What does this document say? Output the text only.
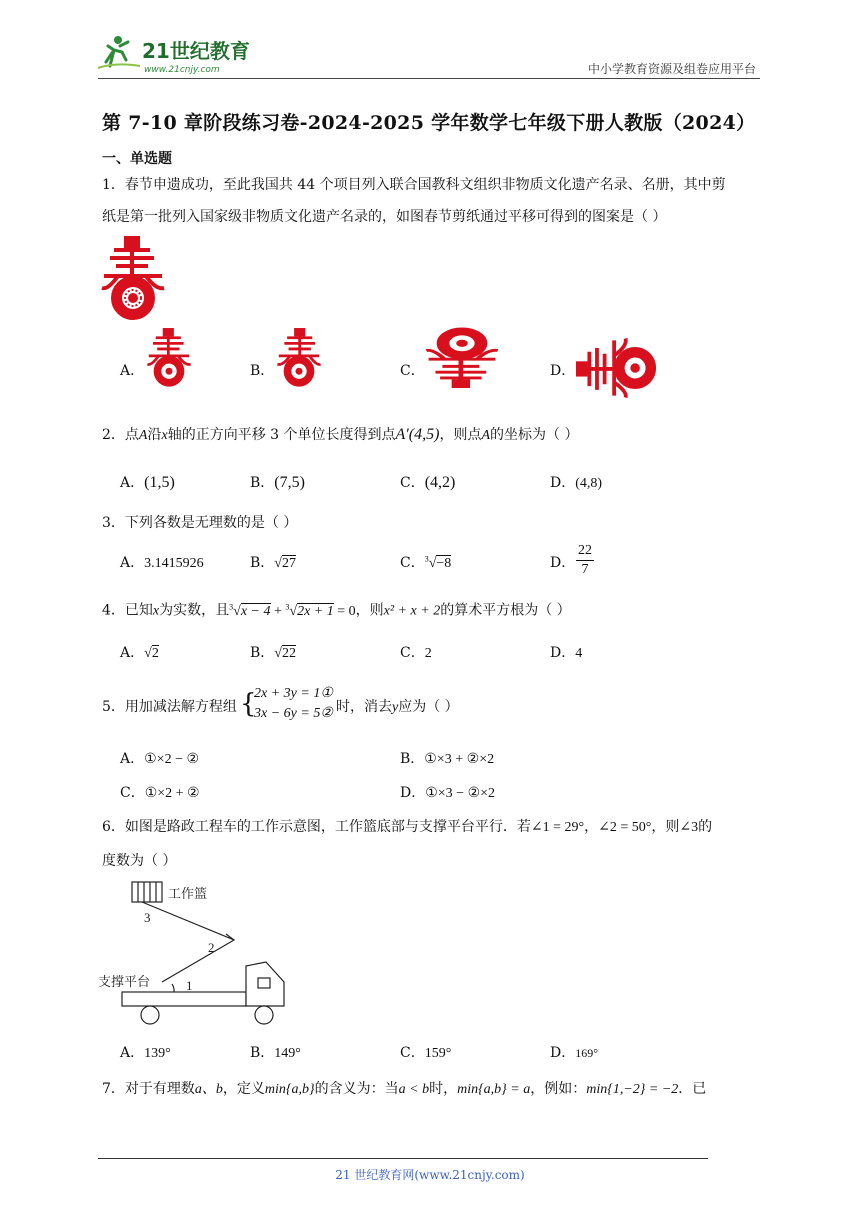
21世纪教育
www.21cnjy.com	中小学教育资源及组卷应用平台
第 7-10 章阶段练习卷-2024-2025 学年数学七年级下册人教版（2024）
一、单选题
1．春节申遗成功，至此我国共 44 个项目列入联合国教科文组织非物质文化遗产名录、名册，其中剪
纸是第一批列入国家级非物质文化遗产名录的，如图春节剪纸通过平移可得到的图案是（ ）
A．	B．	C．	D．
2．点A沿x轴的正方向平移 3 个单位长度得到点A′(4,5)，则点A的坐标为（ ）
A．(1,5)	B．(7,5)	C．(4,2)	D．(4,8)
3．下列各数是无理数的是（ ）
A．3.1415926	B．√27	C．$^3$√−8	D．
22
7
4．已知x为实数，且$^3$√x − 4 + $^3$√2x + 1 = 0，则x² + x + 2的算术平方根为（ ）
A．√2	B．√22	C．2	D．4
5．用加减法解方程组 {
2x + 3y = 1①
3x − 6y = 5② 时，消去y应为（ ）
A．①×2 − ②	B．①×3 + ②×2
C．①×2 + ②	D．①×3 − ②×2
6．如图是路政工程车的工作示意图，工作篮底部与支撑平台平行．若∠1 = 29°，∠2 = 50°，则∠3的
度数为（ ）
工作篮
支撑平台	1
2
3
A．139°	B．149°	C．159°	D．169°
7．对于有理数a、b，定义min{a,b}的含义为：当a < b时，min{a,b} = a，例如：min{1,−2} = −2．已
21 世纪教育网(www.21cnjy.com)
